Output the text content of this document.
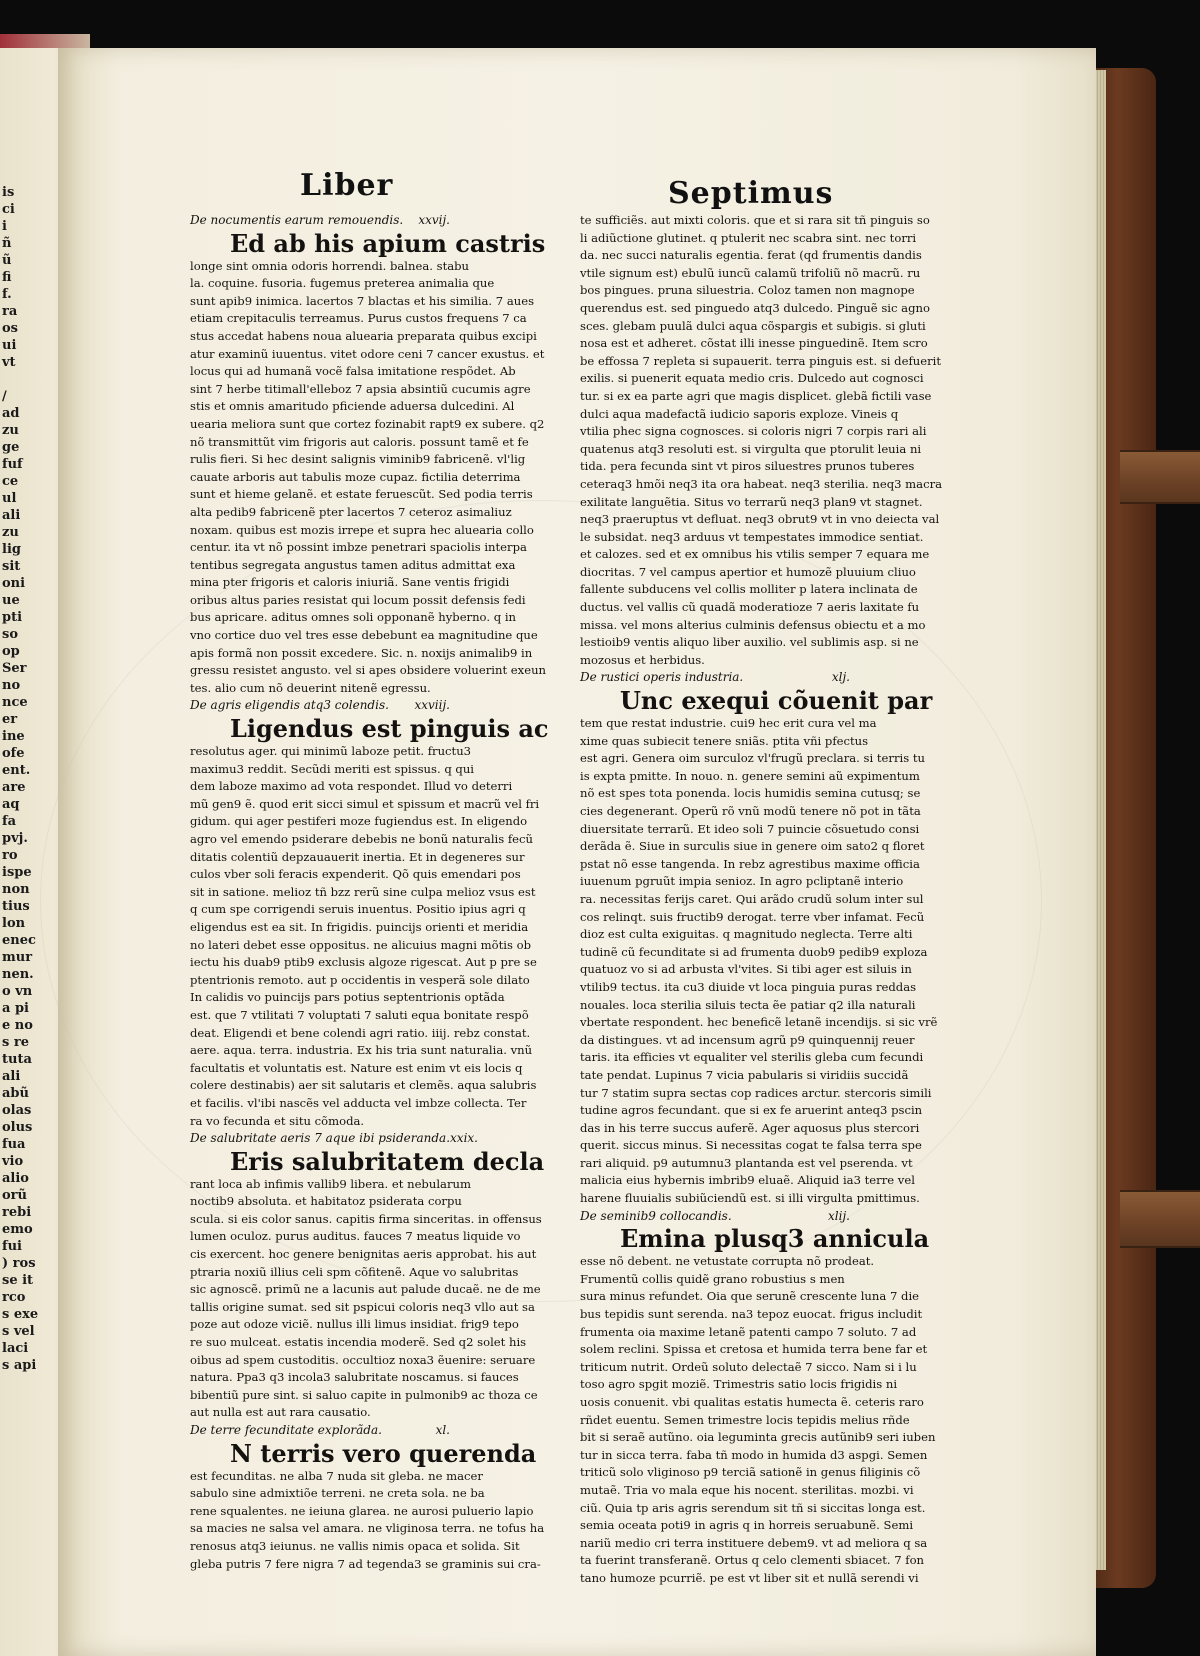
is
ci
i
ñ
ũ
fi
f.
ra
os
ui
vt

/
ad
zu
ge
fuf
ce
ul
ali
zu
lig
sit
oni
ue
pti
so
op
Ser
no
nce
er
ine
ofe
ent.
are
aq
fa
pvj.
ro
ispe
non
tius
lon
enec
mur
nen.
o vn
a pi
e no
s re
tuta
ali
abũ
olas
olus
fua
vio
alio
orũ
rebi
emo
fui
) ros
se it
rco
s exe
s vel
laci
s api
Liber	Septimus
De nocumentis earum remouendis. xxvij.
Ed ab his apium castris
longe sint omnia odoris horrendi. balnea. stabu
la. coquine. fusoria. fugemus preterea animalia que
sunt apib9 inimica. lacertos 7 blactas et his similia. 7 aues
etiam crepitaculis terreamus. Purus custos frequens 7 ca
stus accedat habens noua aluearia preparata quibus excipi
atur examinũ iuuentus. vitet odore ceni 7 cancer exustus. et
locus qui ad humanã vocẽ falsa imitatione respõdet. Ab
sint 7 herbe titimall'elleboz 7 apsia absintiũ cucumis agre
stis et omnis amaritudo pficiende aduersa dulcedini. Al
uearia meliora sunt que cortez fozinabit rapt9 ex subere. q2
nõ transmittũt vim frigoris aut caloris. possunt tamẽ et fe
rulis fieri. Si hec desint salignis viminib9 fabricenẽ. vl'lig
cauate arboris aut tabulis moze cupaz. fictilia deterrima
sunt et hieme gelanẽ. et estate feruescũt. Sed podia terris
alta pedib9 fabricenẽ pter lacertos 7 ceteroz asimaliuz
noxam. quibus est mozis irrepe et supra hec aluearia collo
centur. ita vt nõ possint imbze penetrari spaciolis interpa
tentibus segregata angustus tamen aditus admittat exa
mina pter frigoris et caloris iniuriã. Sane ventis frigidi
oribus altus paries resistat qui locum possit defensis fedi
bus apricare. aditus omnes soli opponanẽ hyberno. q in
vno cortice duo vel tres esse debebunt ea magnitudine que
apis formã non possit excedere. Sic. n. noxijs animalib9 in
gressu resistet angusto. vel si apes obsidere voluerint exeun
tes. alio cum nõ deuerint nitenẽ egressu.
De agris eligendis atq3 colendis. xxviij.
Ligendus est pinguis ac
resolutus ager. qui minimũ laboze petit. fructu3
maximu3 reddit. Secũdi meriti est spissus. q qui
dem laboze maximo ad vota respondet. Illud vo deterri
mũ gen9 ẽ. quod erit sicci simul et spissum et macrũ vel fri
gidum. qui ager pestiferi moze fugiendus est. In eligendo
agro vel emendo psiderare debebis ne bonũ naturalis fecũ
ditatis colentiũ depzauauerit inertia. Et in degeneres sur
culos vber soli feracis expenderit. Qõ quis emendari pos
sit in satione. melioz tñ bzz rerũ sine culpa melioz vsus est
q cum spe corrigendi seruis inuentus. Positio ipius agri q
eligendus est ea sit. In frigidis. puincijs orienti et meridia
no lateri debet esse oppositus. ne alicuius magni mõtis ob
iectu his duab9 ptib9 exclusis algoze rigescat. Aut p pre se
ptentrionis remoto. aut p occidentis in vesperã sole dilato
In calidis vo puincijs pars potius septentrionis optãda
est. que 7 vtilitati 7 voluptati 7 saluti equa bonitate respõ
deat. Eligendi et bene colendi agri ratio. iiij. rebz constat.
aere. aqua. terra. industria. Ex his tria sunt naturalia. vnũ
facultatis et voluntatis est. Nature est enim vt eis locis q
colere destinabis) aer sit salutaris et clemẽs. aqua salubris
et facilis. vl'ibi nascẽs vel adducta vel imbze collecta. Ter
ra vo fecunda et situ cõmoda.
De salubritate aeris 7 aque ibi psideranda. xxix.
Eris salubritatem decla
rant loca ab infimis vallib9 libera. et nebularum
noctib9 absoluta. et habitatoz psiderata corpu
scula. si eis color sanus. capitis firma sinceritas. in offensus
lumen oculoz. purus auditus. fauces 7 meatus liquide vo
cis exercent. hoc genere benignitas aeris approbat. his aut
ptraria noxiũ illius celi spm cõfitenẽ. Aque vo salubritas
sic agnoscẽ. primũ ne a lacunis aut palude ducaẽ. ne de me
tallis origine sumat. sed sit pspicui coloris neq3 vllo aut sa
poze aut odoze viciẽ. nullus illi limus insidiat. frig9 tepo
re suo mulceat. estatis incendia moderẽ. Sed q2 solet his
oibus ad spem custoditis. occultioz noxa3 ẽuenire: seruare
natura. Ppa3 q3 incola3 salubritate noscamus. si fauces
bibentiũ pure sint. si saluo capite in pulmonib9 ac thoza ce
aut nulla est aut rara causatio.
De terre fecunditate explorãda.	xl.
N terris vero querenda
est fecunditas. ne alba 7 nuda sit gleba. ne macer
sabulo sine admixtiõe terreni. ne creta sola. ne ba
rene squalentes. ne ieiuna glarea. ne aurosi puluerio lapio
sa macies ne salsa vel amara. ne vliginosa terra. ne tofus ha
renosus atq3 ieiunus. ne vallis nimis opaca et solida. Sit
gleba putris 7 fere nigra 7 ad tegenda3 se graminis sui cra-
te sufficiẽs. aut mixti coloris. que et si rara sit tñ pinguis so
li adiũctione glutinet. q ptulerit nec scabra sint. nec torri
da. nec succi naturalis egentia. ferat (qd frumentis dandis
vtile signum est) ebulũ iuncũ calamũ trifoliũ nõ macrũ. ru
bos pingues. pruna siluestria. Coloz tamen non magnope
querendus est. sed pinguedo atq3 dulcedo. Pinguẽ sic agno
sces. glebam puulã dulci aqua cõspargis et subigis. si gluti
nosa est et adheret. cõstat illi inesse pinguedinẽ. Item scro
be effossa 7 repleta si supauerit. terra pinguis est. si defuerit
exilis. si puenerit equata medio cris. Dulcedo aut cognosci
tur. si ex ea parte agri que magis displicet. glebã fictili vase
dulci aqua madefactã iudicio saporis exploze. Vineis q
vtilia phec signa cognosces. si coloris nigri 7 corpis rari ali
quatenus atq3 resoluti est. si virgulta que ptorulit leuia ni
tida. pera fecunda sint vt piros siluestres prunos tuberes
ceteraq3 hmõi neq3 ita ora habeat. neq3 sterilia. neq3 macra
exilitate languẽtia. Situs vo terrarũ neq3 plan9 vt stagnet.
neq3 praeruptus vt defluat. neq3 obrut9 vt in vno deiecta val
le subsidat. neq3 arduus vt tempestates immodice sentiat.
et calozes. sed et ex omnibus his vtilis semper 7 equara me
diocritas. 7 vel campus apertior et humozẽ pluuium cliuo
fallente subducens vel collis molliter p latera inclinata de
ductus. vel vallis cũ quadã moderatioze 7 aeris laxitate fu
missa. vel mons alterius culminis defensus obiectu et a mo
lestioib9 ventis aliquo liber auxilio. vel sublimis asp. si ne
mozosus et herbidus.
De rustici operis industria.	xlj.
Unc exequi cõuenit par
tem que restat industrie. cui9 hec erit cura vel ma
xime quas subiecit tenere sniãs. ptita vñi pfectus
est agri. Genera oim surculoz vl'frugũ preclara. si terris tu
is expta pmitte. In nouo. n. genere semini aũ expimentum
nõ est spes tota ponenda. locis humidis semina cutusq; se
cies degenerant. Operũ rõ vnũ modũ tenere nõ pot in tãta
diuersitate terrarũ. Et ideo soli 7 puincie cõsuetudo consi
derãda ẽ. Siue in surculis siue in genere oim sato2 q floret
pstat nõ esse tangenda. In rebz agrestibus maxime officia
iuuenum pgruũt impia senioz. In agro pcliptanẽ interio
ra. necessitas ferijs caret. Qui arãdo crudũ solum inter sul
cos relinqt. suis fructib9 derogat. terre vber infamat. Fecũ
dioz est culta exiguitas. q magnitudo neglecta. Terre alti
tudinẽ cũ fecunditate si ad frumenta duob9 pedib9 exploza
quatuoz vo si ad arbusta vl'vites. Si tibi ager est siluis in
vtilib9 tectus. ita cu3 diuide vt loca pinguia puras reddas
nouales. loca sterilia siluis tecta ẽe patiar q2 illa naturali
vbertate respondent. hec beneficẽ letanẽ incendijs. si sic vrẽ
da distingues. vt ad incensum agrũ p9 quinquennij reuer
taris. ita efficies vt equaliter vel sterilis gleba cum fecundi
tate pendat. Lupinus 7 vicia pabularis si viridiis succidã
tur 7 statim supra sectas cop radices arctur. stercoris simili
tudine agros fecundant. que si ex fe aruerint anteq3 pscin
das in his terre succus auferẽ. Ager aquosus plus stercori
querit. siccus minus. Si necessitas cogat te falsa terra spe
rari aliquid. p9 autumnu3 plantanda est vel pserenda. vt
malicia eius hybernis imbrib9 eluaẽ. Aliquid ia3 terre vel
harene fluuialis subiũciendũ est. si illi virgulta pmittimus.
De seminib9 collocandis.	xlij.
Emina plusq3 annicula
esse nõ debent. ne vetustate corrupta nõ prodeat.
Frumentũ collis quidẽ grano robustius s men
sura minus refundet. Oia que serunẽ crescente luna 7 die
bus tepidis sunt serenda. na3 tepoz euocat. frigus includit
frumenta oia maxime letanẽ patenti campo 7 soluto. 7 ad
solem reclini. Spissa et cretosa et humida terra bene far et
triticum nutrit. Ordeũ soluto delectaẽ 7 sicco. Nam si i lu
toso agro spgit moziẽ. Trimestris satio locis frigidis ni
uosis conuenit. vbi qualitas estatis humecta ẽ. ceteris raro
rñdet euentu. Semen trimestre locis tepidis melius rñde
bit si seraẽ autũno. oia leguminta grecis autũnib9 seri iuben
tur in sicca terra. faba tñ modo in humida d3 aspgi. Semen
triticũ solo vliginoso p9 terciã sationẽ in genus filiginis cõ
mutaẽ. Tria vo mala eque his nocent. sterilitas. mozbi. vi
ciũ. Quia tp aris agris serendum sit tñ si siccitas longa est.
semia oceata poti9 in agris q in horreis seruabunẽ. Semi
nariũ medio cri terra instituere debem9. vt ad meliora q sa
ta fuerint transferanẽ. Ortus q celo clementi sbiacet. 7 fon
tano humoze pcurriẽ. pe est vt liber sit et nullã serendi vi
